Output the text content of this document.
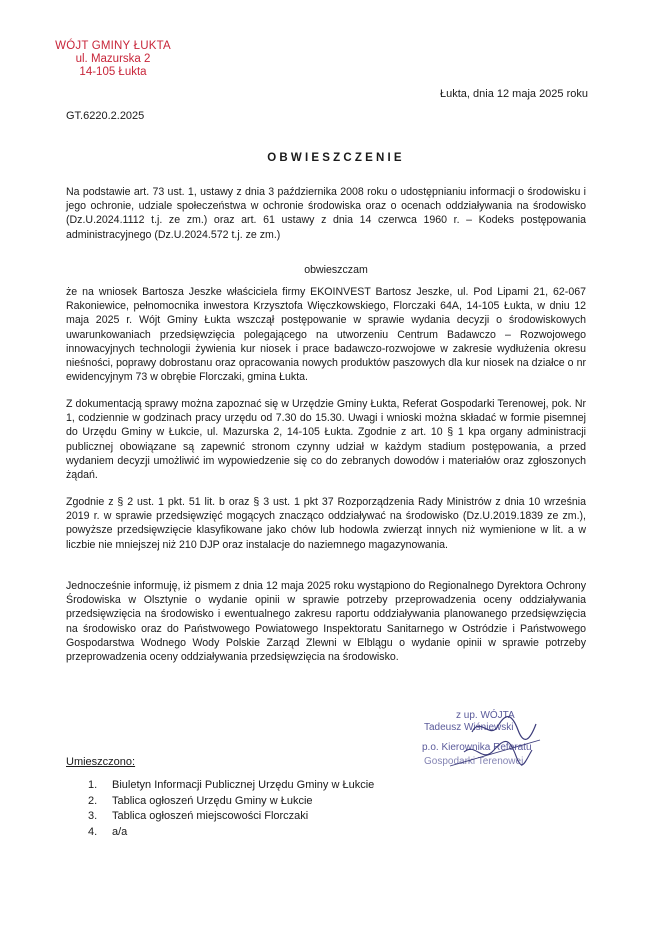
WÓJT GMINY ŁUKTA
ul. Mazurska 2
14-105 Łukta
Łukta, dnia 12 maja 2025 roku
GT.6220.2.2025
OBWIESZCZENIE
Na podstawie art. 73 ust. 1, ustawy z dnia 3 października 2008 roku o udostępnianiu informacji o środowisku i jego ochronie, udziale społeczeństwa w ochronie środowiska oraz o ocenach oddziaływania na środowisko (Dz.U.2024.1112 t.j. ze zm.) oraz art. 61 ustawy z dnia 14 czerwca 1960 r. – Kodeks postępowania administracyjnego (Dz.U.2024.572 t.j. ze zm.)
obwieszczam
że na wniosek Bartosza Jeszke właściciela firmy EKOINVEST Bartosz Jeszke, ul. Pod Lipami 21, 62-067 Rakoniewice, pełnomocnika inwestora Krzysztofa Więczkowskiego, Florczaki 64A, 14-105 Łukta, w dniu 12 maja 2025 r. Wójt Gminy Łukta wszczął postępowanie w sprawie wydania decyzji o środowiskowych uwarunkowaniach przedsięwzięcia polegającego na utworzeniu Centrum Badawczo – Rozwojowego innowacyjnych technologii żywienia kur niosek i prace badawczo-rozwojowe w zakresie wydłużenia okresu nieśności, poprawy dobrostanu oraz opracowania nowych produktów paszowych dla kur niosek na działce o nr ewidencyjnym 73 w obrębie Florczaki, gmina Łukta.
Z dokumentacją sprawy można zapoznać się w Urzędzie Gminy Łukta, Referat Gospodarki Terenowej, pok. Nr 1, codziennie w godzinach pracy urzędu od 7.30 do 15.30. Uwagi i wnioski można składać w formie pisemnej do Urzędu Gminy w Łukcie, ul. Mazurska 2, 14-105 Łukta. Zgodnie z art. 10 § 1 kpa organy administracji publicznej obowiązane są zapewnić stronom czynny udział w każdym stadium postępowania, a przed wydaniem decyzji umożliwić im wypowiedzenie się co do zebranych dowodów i materiałów oraz zgłoszonych żądań.
Zgodnie z § 2 ust. 1 pkt. 51 lit. b oraz § 3 ust. 1 pkt 37 Rozporządzenia Rady Ministrów z dnia 10 września 2019 r. w sprawie przedsięwzięć mogących znacząco oddziaływać na środowisko (Dz.U.2019.1839 ze zm.), powyższe przedsięwzięcie klasyfikowane jako chów lub hodowla zwierząt innych niż wymienione w lit. a w liczbie nie mniejszej niż 210 DJP oraz instalacje do naziemnego magazynowania.
Jednocześnie informuję, iż pismem z dnia 12 maja 2025 roku wystąpiono do Regionalnego Dyrektora Ochrony Środowiska w Olsztynie o wydanie opinii w sprawie potrzeby przeprowadzenia oceny oddziaływania przedsięwzięcia na środowisko i ewentualnego zakresu raportu oddziaływania planowanego przedsięwzięcia na środowisko oraz do Państwowego Powiatowego Inspektoratu Sanitarnego w Ostródzie i Państwowego Gospodarstwa Wodnego Wody Polskie Zarząd Zlewni w Elblągu o wydanie opinii w sprawie potrzeby przeprowadzenia oceny oddziaływania przedsięwzięcia na środowisko.
z up. WÓJTA
Tadeusz Wiśniewski
p.o. Kierownika Referatu
Gospodarki Terenowej
Umieszczono:
1.	Biuletyn Informacji Publicznej Urzędu Gminy w Łukcie
2.	Tablica ogłoszeń Urzędu Gminy w Łukcie
3.	Tablica ogłoszeń miejscowości Florczaki
4.	a/a
